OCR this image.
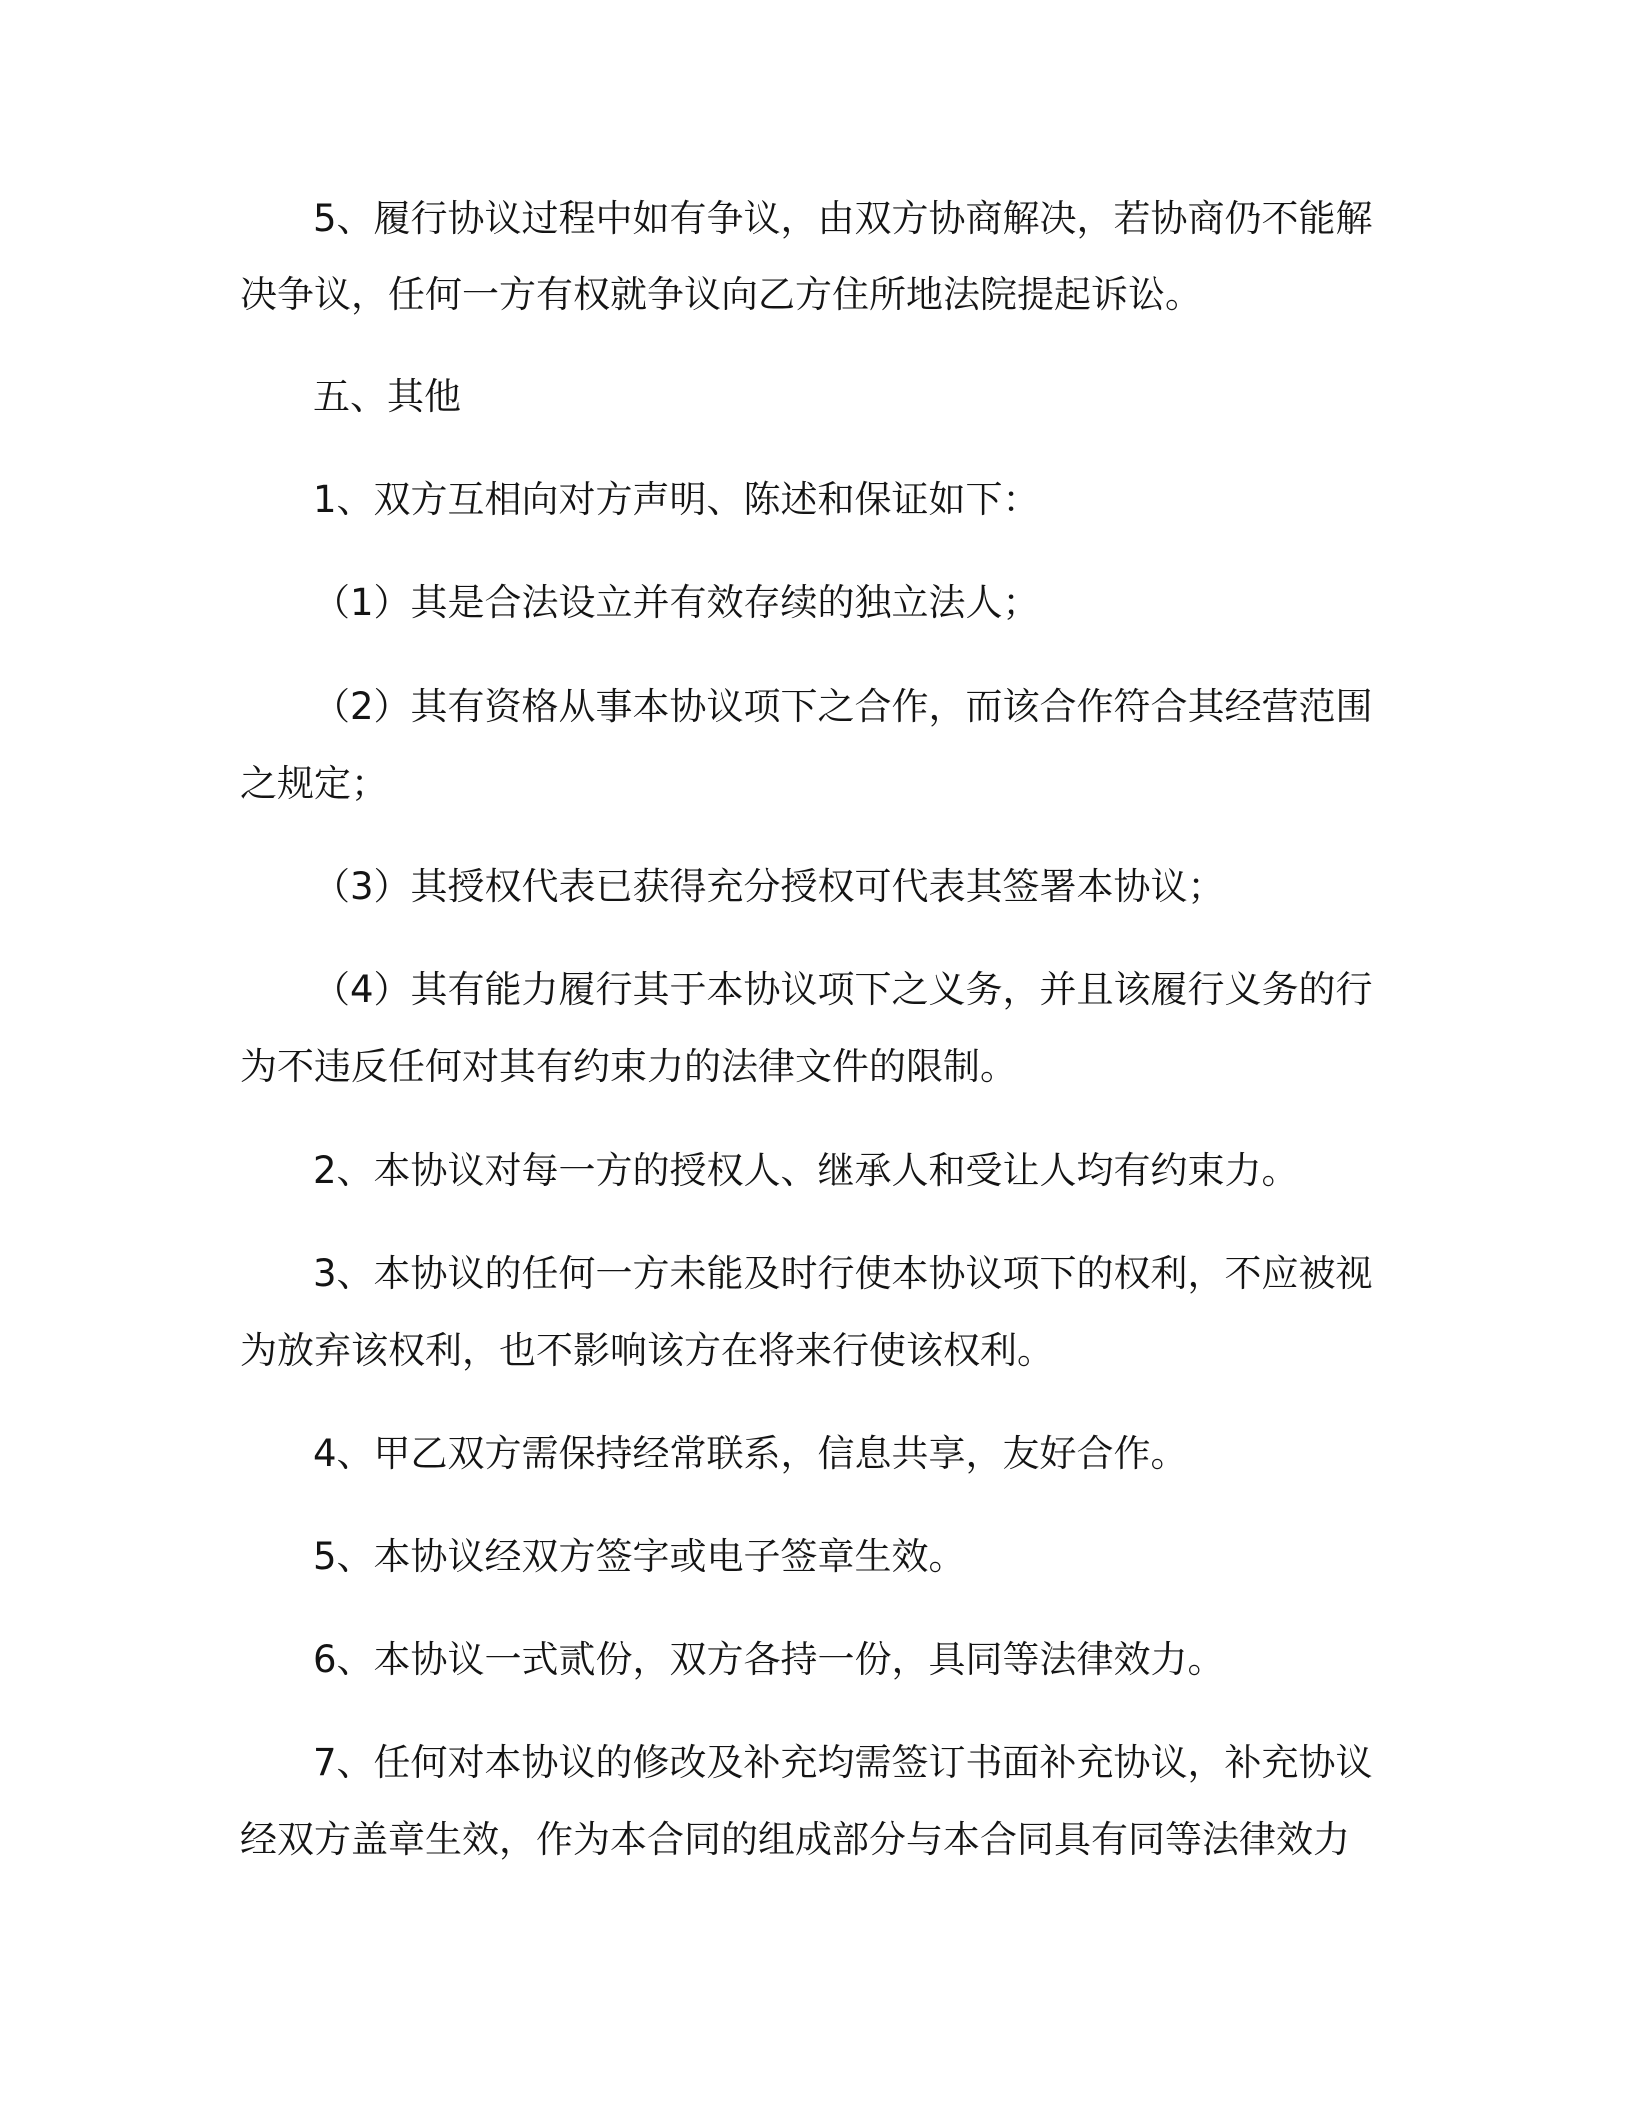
5、履行协议过程中如有争议，由双方协商解决，若协商仍不能解
决争议，任何一方有权就争议向乙方住所地法院提起诉讼。
五、其他
1、双方互相向对方声明、陈述和保证如下：
（1）其是合法设立并有效存续的独立法人；
（2）其有资格从事本协议项下之合作，而该合作符合其经营范围
之规定；
（3）其授权代表已获得充分授权可代表其签署本协议；
（4）其有能力履行其于本协议项下之义务，并且该履行义务的行
为不违反任何对其有约束力的法律文件的限制。
2、本协议对每一方的授权人、继承人和受让人均有约束力。
3、本协议的任何一方未能及时行使本协议项下的权利，不应被视
为放弃该权利，也不影响该方在将来行使该权利。
4、甲乙双方需保持经常联系，信息共享，友好合作。
5、本协议经双方签字或电子签章生效。
6、本协议一式贰份，双方各持一份，具同等法律效力。
7、任何对本协议的修改及补充均需签订书面补充协议，补充协议
经双方盖章生效，作为本合同的组成部分与本合同具有同等法律效力
